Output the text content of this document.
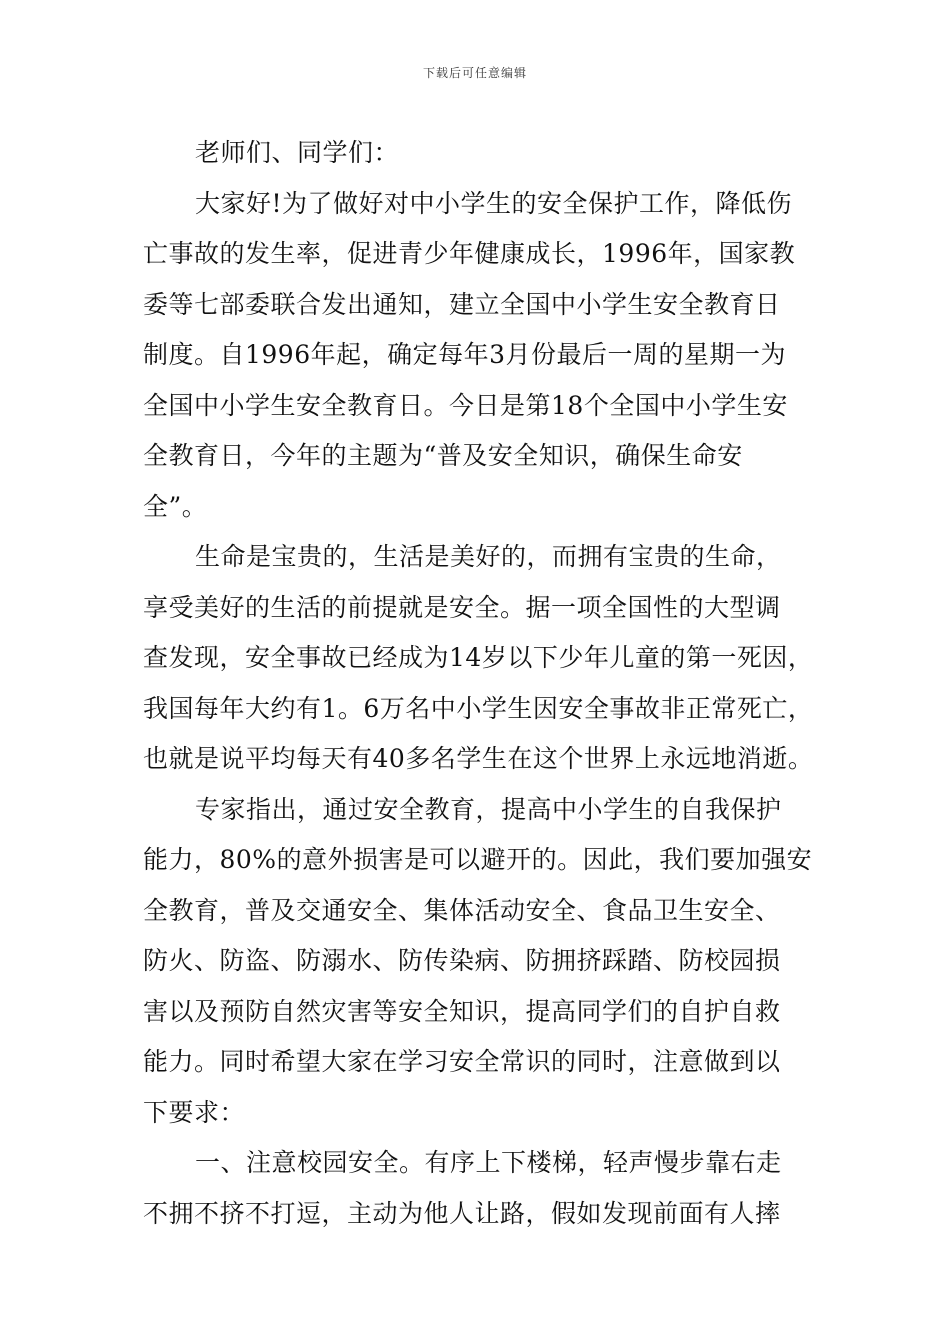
下载后可任意编辑
老师们、同学们：
大家好!为了做好对中小学生的安全保护工作，降低伤
亡事故的发生率，促进青少年健康成长，1996年，国家教
委等七部委联合发出通知，建立全国中小学生安全教育日
制度。自1996年起，确定每年3月份最后一周的星期一为
全国中小学生安全教育日。今日是第18个全国中小学生安
全教育日，今年的主题为“普及安全知识，确保生命安
全”。
生命是宝贵的，生活是美好的，而拥有宝贵的生命，
享受美好的生活的前提就是安全。据一项全国性的大型调
查发现，安全事故已经成为14岁以下少年儿童的第一死因，
我国每年大约有1。6万名中小学生因安全事故非正常死亡，
也就是说平均每天有40多名学生在这个世界上永远地消逝。
专家指出，通过安全教育，提高中小学生的自我保护
能力，80%的意外损害是可以避开的。因此，我们要加强安
全教育，普及交通安全、集体活动安全、食品卫生安全、
防火、防盗、防溺水、防传染病、防拥挤踩踏、防校园损
害以及预防自然灾害等安全知识，提高同学们的自护自救
能力。同时希望大家在学习安全常识的同时，注意做到以
下要求：
一、注意校园安全。有序上下楼梯，轻声慢步靠右走
不拥不挤不打逗，主动为他人让路，假如发现前面有人摔
